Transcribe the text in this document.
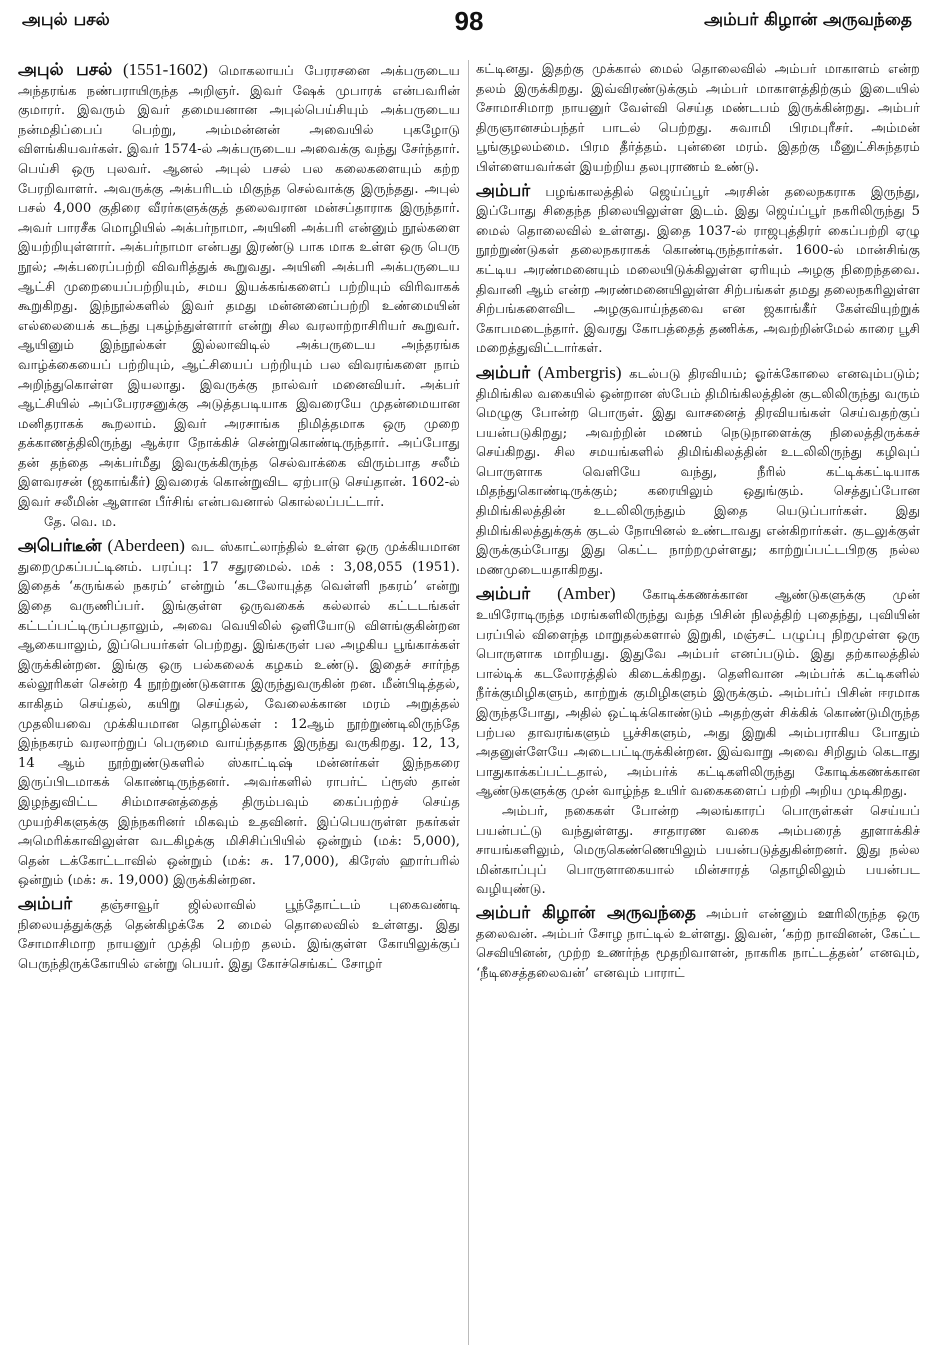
அபுல் பசல்	98	அம்பர் கிழான் அருவந்தை

அபுல் பசல் (1551-1602) மொகலாயப் பேரரசனை அக்பருடைய அந்தரங்க நண்பராயிருந்த அறிஞர். இவர் ஷேக் முபாரக் என்பவரின் குமாரர். இவரும் இவர் தமையனான அபுல்பெய்சியும் அக்பருடைய நன்மதிப்பைப் பெற்று, அம்மன்னன் அவையில் புகழோடு விளங்கியவர்கள். இவர் 1574-ல் அக்பருடைய அவைக்கு வந்து சேர்ந்தார். பெய்சி ஒரு புலவர். ஆனல் அபுல் பசல் பல கலைகளையும் கற்ற பேரறிவாளர். அவருக்கு அக்பரிடம் மிகுந்த செல்வாக்கு இருந்தது. அபுல் பசல் 4,000 குதிரை வீரர்களுக்குத் தலைவரான மன்சப்தாராக இருந்தார். அவர் பாரசீக மொழியில் அக்பர்நாமா, அயினி அக்பரி என்னும் நூல்களை இயற்றியுள்ளார். அக்பர்நாமா என்பது இரண்டு பாக மாக உள்ள ஒரு பெரு நூல்; அக்பரைப்பற்றி விவரித்துக் கூறுவது. அயினி அக்பரி அக்பருடைய ஆட்சி முறையைப்பற்றியும், சமய இயக்கங்களைப் பற்றியும் விரிவாகக் கூறுகிறது. இந்நூல்களில் இவர் தமது மன்னனைப்பற்றி உண்மையின் எல்லையைக் கடந்து புகழ்ந்துள்ளார் என்று சில வரலாற்றாசிரியர் கூறுவர். ஆயினும் இந்நூல்கள் இல்லாவிடில் அக்பருடைய அந்தரங்க வாழ்க்கையைப் பற்றியும், ஆட்சியைப் பற்றியும் பல விவரங்களை நாம் அறிந்துகொள்ள இயலாது. இவருக்கு நால்வர் மனைவியர். அக்பர் ஆட்சியில் அப்பேரரசனுக்கு அடுத்தபடியாக இவரையே முதன்மையான மனிதராகக் கூறலாம். இவர் அரசாங்க நிமித்தமாக ஒரு முறை தக்காணத்திலிருந்து ஆக்ரா நோக்கிச் சென்றுகொண்டிருந்தார். அப்போது தன் தந்தை அக்பர்மீது இவருக்கிருந்த செல்வாக்கை விரும்பாத சலீம் இளவரசன் (ஜகாங்கீர்) இவரைக் கொன்றுவிட ஏற்பாடு செய்தான். 1602-ல் இவர் சலீமின் ஆளான பீர்சிங் என்பவனால் கொல்லப்பட்டார்.

தே. வெ. ம.

அபெர்டீன் (Aberdeen) வட ஸ்காட்லாந்தில் உள்ள ஒரு முக்கியமான துறைமுகப்பட்டினம். பரப்பு: 17 சதுரமைல். மக் : 3,08,055 (1951). இதைக் ‘கருங்கல் நகரம்’ என்றும் ‘கடலோயுத்த வெள்ளி நகரம்’ என்று இதை வருணிப்பர். இங்குள்ள ஒருவகைக் கல்லால் கட்டடங்கள் கட்டப்பட்டிருப்பதாலும், அவை வெயிலில் ஒளியோடு விளங்குகின்றன ஆகையாலும், இப்பெயர்கள் பெற்றது. இங்கருள் பல அழகிய பூங்காக்கள் இருக்கின்றன. இங்கு ஒரு பல்கலைக் கழகம் உண்டு. இதைச் சார்ந்த கல்லூரிகள் சென்ற 4 நூற்றுண்டுகளாக இருந்துவருகின் றன. மீன்பிடித்தல், காகிதம் செய்தல், கயிறு செய்தல், வேலைக்கான மரம் அறுத்தல் முதலியவை முக்கியமான தொழில்கள் : 12ஆம் நூற்றுண்டிலிருந்தே இந்நகரம் வரலாற்றுப் பெருமை வாய்ந்ததாக இருந்து வருகிறது. 12, 13, 14 ஆம் நூற்றுண்டுகளில் ஸ்காட்டிஷ் மன்னர்கள் இந்நகரை இருப்பிடமாகக் கொண்டிருந்தனர். அவர்களில் ராபர்ட் ப்ரூஸ் தான் இழந்துவிட்ட சிம்மாசனத்தைத் திரும்பவும் கைப்பற்றச் செய்த முயற்சிகளுக்கு இந்நகரினர் மிகவும் உதவினர். இப்பெயருள்ள நகர்கள் அமெரிக்காவிலுள்ள வடகிழக்கு மிசிசிப்பியில் ஒன்றும் (மக்: 5,000), தென் டக்கோட்டாவில் ஒன்றும் (மக்: சு. 17,000), கிரேஸ் ஹார்பரில் ஒன்றும் (மக்: சு. 19,000) இருக்கின்றன.

அம்பர் தஞ்சாவூர் ஜில்லாவில் பூந்தோட்டம் புகைவண்டி நிலையத்துக்குத் தென்கிழக்கே 2 மைல் தொலைவில் உள்ளது. இது சோமாசிமாற நாயனுர் முத்தி பெற்ற தலம். இங்குள்ள கோயிலுக்குப் பெருந்திருக்கோயில் என்று பெயர். இது கோச்செங்கட் சோழர்

கட்டினது. இதற்கு முக்கால் மைல் தொலைவில் அம்பர் மாகாளம் என்ற தலம் இருக்கிறது. இவ்விரண்டுக்கும் அம்பர் மாகாளத்திற்கும் இடையில் சோமாசிமாற நாயனுர் வேள்வி செய்த மண்டபம் இருக்கின்றது. அம்பர் திருஞானசம்பந்தர் பாடல் பெற்றது. சுவாமி பிரமபுரீசர். அம்மன் பூங்குழலம்மை. பிரம தீர்த்தம். புன்னை மரம். இதற்கு மீனுட்சிசுந்தரம் பிள்ளையவர்கள் இயற்றிய தலபுராணம் உண்டு.

அம்பர் பழங்காலத்தில் ஜெய்ப்பூர் அரசின் தலைநகராக இருந்து, இப்போது சிதைந்த நிலையிலுள்ள இடம். இது ஜெய்ப்பூர் நகரிலிருந்து 5 மைல் தொலைவில் உள்ளது. இதை 1037-ல் ராஜபுத்திரர் கைப்பற்றி ஏழு நூற்றுண்டுகள் தலைநகராகக் கொண்டிருந்தார்கள். 1600-ல் மான்சிங்கு கட்டிய அரண்மனையும் மலையிடுக்கிலுள்ள ஏரியும் அழகு நிறைந்தவை. திவானி ஆம் என்ற அரண்மனையிலுள்ள சிற்பங்கள் தமது தலைநகரிலுள்ள சிற்பங்களைவிட அழகுவாய்ந்தவை என ஜகாங்கீர் கேள்வியுற்றுக் கோபமடைந்தார். இவரது கோபத்தைத் தணிக்க, அவற்றின்மேல் காரை பூசி மறைத்துவிட்டார்கள்.

அம்பர் (Ambergris) கடல்படு திரவியம்; ஓர்க்கோலை எனவும்படும்; திமிங்கில வகையில் ஒன்றான ஸ்பேம் திமிங்கிலத்தின் குடலிலிருந்து வரும் மெழுகு போன்ற பொருள். இது வாசனைத் திரவியங்கள் செய்வதற்குப் பயன்படுகிறது; அவற்றின் மணம் நெடுநாளைக்கு நிலைத்திருக்கச் செய்கிறது. சில சமயங்களில் திமிங்கிலத்தின் உடலிலிருந்து கழிவுப் பொருளாக வெளியே வந்து, நீரில் கட்டிக்கட்டியாக மிதந்துகொண்டிருக்கும்; கரையிலும் ஒதுங்கும். செத்துப்போன திமிங்கிலத்தின் உடலிலிருந்தும் இதை யெடுப்பார்கள். இது திமிங்கிலத்துக்குக் குடல் நோயினல் உண்டாவது என்கிறார்கள். குடலுக்குள் இருக்கும்போது இது கெட்ட நாற்றமுள்ளது; காற்றுப்பட்டபிறகு நல்ல மணமுடையதாகிறது.

அம்பர் (Amber) கோடிக்கணக்கான ஆண்டுகளுக்கு முன் உயிரோடிருந்த மரங்களிலிருந்து வந்த பிசின் நிலத்திற் புதைந்து, புவியின் பரப்பில் விளைந்த மாறுதல்களால் இறுகி, மஞ்சட் பழுப்பு நிறமுள்ள ஒரு பொருளாக மாறியது. இதுவே அம்பர் எனப்படும். இது தற்காலத்தில் பால்டிக் கடலோரத்தில் கிடைக்கிறது. தெளிவான அம்பர்க் கட்டிகளில் நீர்க்குமிழிகளும், காற்றுக் குமிழிகளும் இருக்கும். அம்பர்ப் பிசின் ஈரமாக இருந்தபோது, அதில் ஒட்டிக்கொண்டும் அதற்குள் சிக்கிக் கொண்டுமிருந்த பற்பல தாவரங்களும் பூச்சிகளும், அது இறுகி அம்பராகிய போதும் அதனுள்ளேயே அடைபட்டிருக்கின்றன. இவ்வாறு அவை சிறிதும் கெடாது பாதுகாக்கப்பட்டதால், அம்பர்க் கட்டிகளிலிருந்து கோடிக்கணக்கான ஆண்டுகளுக்கு முன் வாழ்ந்த உயிர் வகைகளைப் பற்றி அறிய முடிகிறது.

அம்பர், நகைகள் போன்ற அலங்காரப் பொருள்கள் செய்யப் பயன்பட்டு வந்துள்ளது. சாதாரண வகை அம்பரைத் தூளாக்கிச் சாயங்களிலும், மெருகெண்ணெயிலும் பயன்படுத்துகின்றனர். இது நல்ல மின்காப்புப் பொருளாகையால் மின்சாரத் தொழிலிலும் பயன்பட வழியுண்டு.

அம்பர் கிழான் அருவந்தை அம்பர் என்னும் ஊரிலிருந்த ஒரு தலைவன். அம்பர் சோழ நாட்டில் உள்ளது. இவன், ‘கற்ற நாவினன், கேட்ட செவியினன், முற்ற உணர்ந்த மூதறிவாளன், நாகரிக நாட்டத்தன்’ எனவும், ‘நீடிசைத்தலைவன்’ எனவும் பாராட்
